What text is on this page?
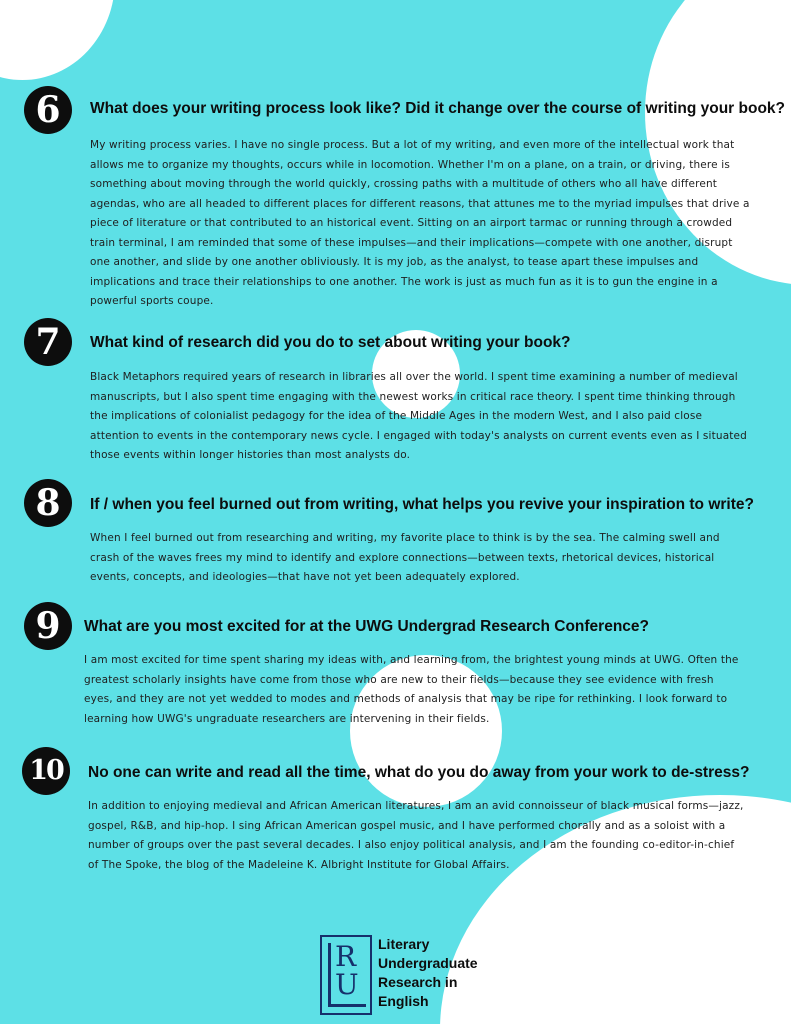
6	What does your writing process look like? Did it change over the course of writing your book?

My writing process varies. I have no single process. But a lot of my writing, and even more of the intellectual work that allows me to organize my thoughts, occurs while in locomotion. Whether I'm on a plane, on a train, or driving, there is something about moving through the world quickly, crossing paths with a multitude of others who all have different agendas, who are all headed to different places for different reasons, that attunes me to the myriad impulses that drive a piece of literature or that contributed to an historical event. Sitting on an airport tarmac or running through a crowded train terminal, I am reminded that some of these impulses—and their implications—compete with one another, disrupt one another, and slide by one another obliviously. It is my job, as the analyst, to tease apart these impulses and implications and trace their relationships to one another. The work is just as much fun as it is to gun the engine in a powerful sports coupe.

7	What kind of research did you do to set about writing your book?

Black Metaphors required years of research in libraries all over the world. I spent time examining a number of medieval manuscripts, but I also spent time engaging with the newest works in critical race theory. I spent time thinking through the implications of colonialist pedagogy for the idea of the Middle Ages in the modern West, and I also paid close attention to events in the contemporary news cycle. I engaged with today's analysts on current events even as I situated those events within longer histories than most analysts do.

8	If / when you feel burned out from writing, what helps you revive your inspiration to write?

When I feel burned out from researching and writing, my favorite place to think is by the sea. The calming swell and crash of the waves frees my mind to identify and explore connections—between texts, rhetorical devices, historical events, concepts, and ideologies—that have not yet been adequately explored.

9	What are you most excited for at the UWG Undergrad Research Conference?

I am most excited for time spent sharing my ideas with, and learning from, the brightest young minds at UWG. Often the greatest scholarly insights have come from those who are new to their fields—because they see evidence with fresh eyes, and they are not yet wedded to modes and methods of analysis that may be ripe for rethinking. I look forward to learning how UWG's ungraduate researchers are intervening in their fields.

10	No one can write and read all the time, what do you do away from your work to de-stress?

In addition to enjoying medieval and African American literatures, I am an avid connoisseur of black musical forms—jazz, gospel, R&B, and hip-hop. I sing African American gospel music, and I have performed chorally and as a soloist with a number of groups over the past several decades. I also enjoy political analysis, and I am the founding co-editor-in-chief of The Spoke, the blog of the Madeleine K. Albright Institute for Global Affairs.

R
U
Literary
Undergraduate
Research in
English
